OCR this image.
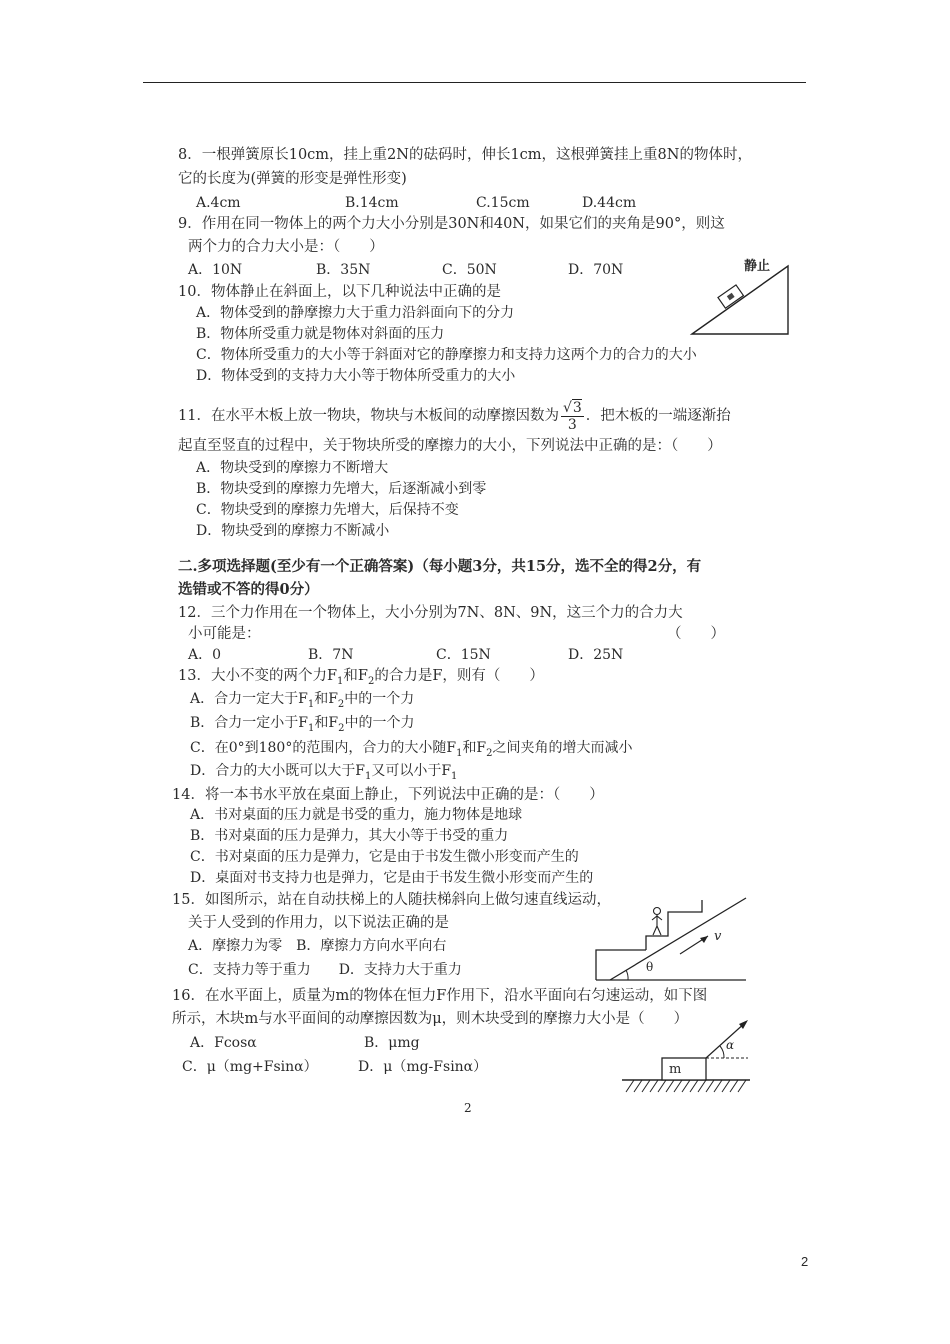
8．一根弹簧原长10cm，挂上重2N的砝码时，伸长1cm，这根弹簧挂上重8N的物体时，
它的长度为(弹簧的形变是弹性形变)
A.4cm	B.14cm	C.15cm	D.44cm
9．作用在同一物体上的两个力大小分别是30N和40N，如果它们的夹角是90°，则这
两个力的合力大小是：（　　）
A．10N	B．35N	C．50N	D．70N	静止
10．物体静止在斜面上，以下几种说法中正确的是
A．物体受到的静摩擦力大于重力沿斜面向下的分力
B．物体所受重力就是物体对斜面的压力
C．物体所受重力的大小等于斜面对它的静摩擦力和支持力这两个力的合力的大小
D．物体受到的支持力大小等于物体所受重力的大小
11．在水平木板上放一物块，物块与木板间的动摩擦因数为 $\frac{√3}{3}$ ．把木板的一端逐渐抬
起直至竖直的过程中，关于物块所受的摩擦力的大小，下列说法中正确的是：（　　）
A．物块受到的摩擦力不断增大
B．物块受到的摩擦力先增大，后逐渐减小到零
C．物块受到的摩擦力先增大，后保持不变
D．物块受到的摩擦力不断减小
二.多项选择题(至少有一个正确答案)（每小题3分，共15分，选不全的得2分，有
选错或不答的得0分）
12．三个力作用在一个物体上，大小分别为7N、8N、9N，这三个力的合力大
小可能是：	（　　）
A．0	B．7N	C．15N	D．25N
13．大小不变的两个力$F_1$和$F_2$的合力是F，则有（　　）
A．合力一定大于$F_1$和$F_2$中的一个力
B．合力一定小于$F_1$和$F_2$中的一个力
C．在0°到180°的范围内，合力的大小随$F_1$和$F_2$之间夹角的增大而减小
D．合力的大小既可以大于$F_1$又可以小于$F_1$
14．将一本书水平放在桌面上静止，下列说法中正确的是：（　　）
A．书对桌面的压力就是书受的重力，施力物体是地球
B．书对桌面的压力是弹力，其大小等于书受的重力
C．书对桌面的压力是弹力，它是由于书发生微小形变而产生的
D．桌面对书支持力也是弹力，它是由于书发生微小形变而产生的
15．如图所示，站在自动扶梯上的人随扶梯斜向上做匀速直线运动，
关于人受到的作用力，以下说法正确的是
A．摩擦力为零　B．摩擦力方向水平向右
C．支持力等于重力　　D．支持力大于重力
v
θ
16．在水平面上，质量为m的物体在恒力F作用下，沿水平面向右匀速运动，如下图
所示，木块m与水平面间的动摩擦因数为μ，则木块受到的摩擦力大小是（　　）
A．Fcosα	B．μmg
C．μ（mg+Fsinα）	D．μ（mg-Fsinα）	m
α
2
2
